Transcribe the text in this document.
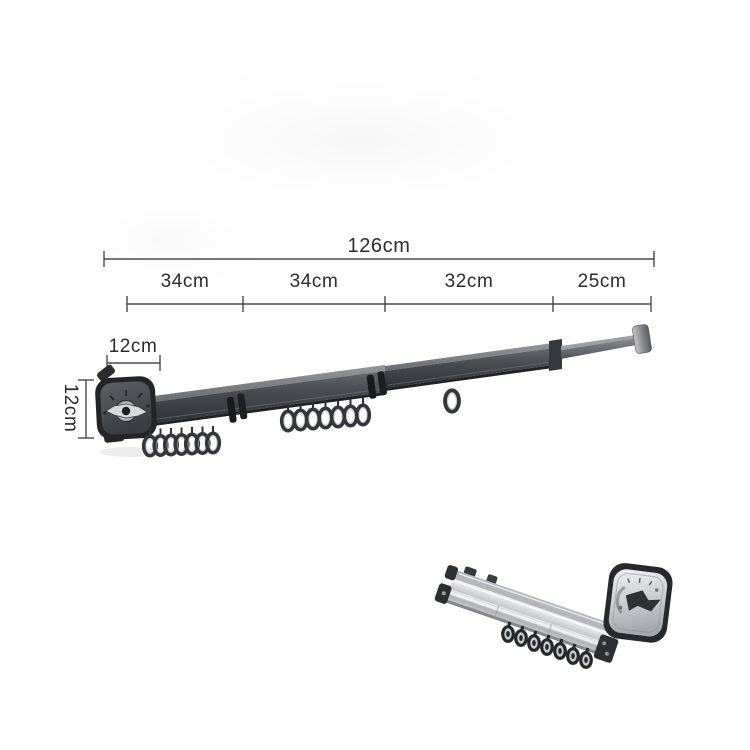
126cm
34cm	34cm	32cm	25cm
12cm
12cm
